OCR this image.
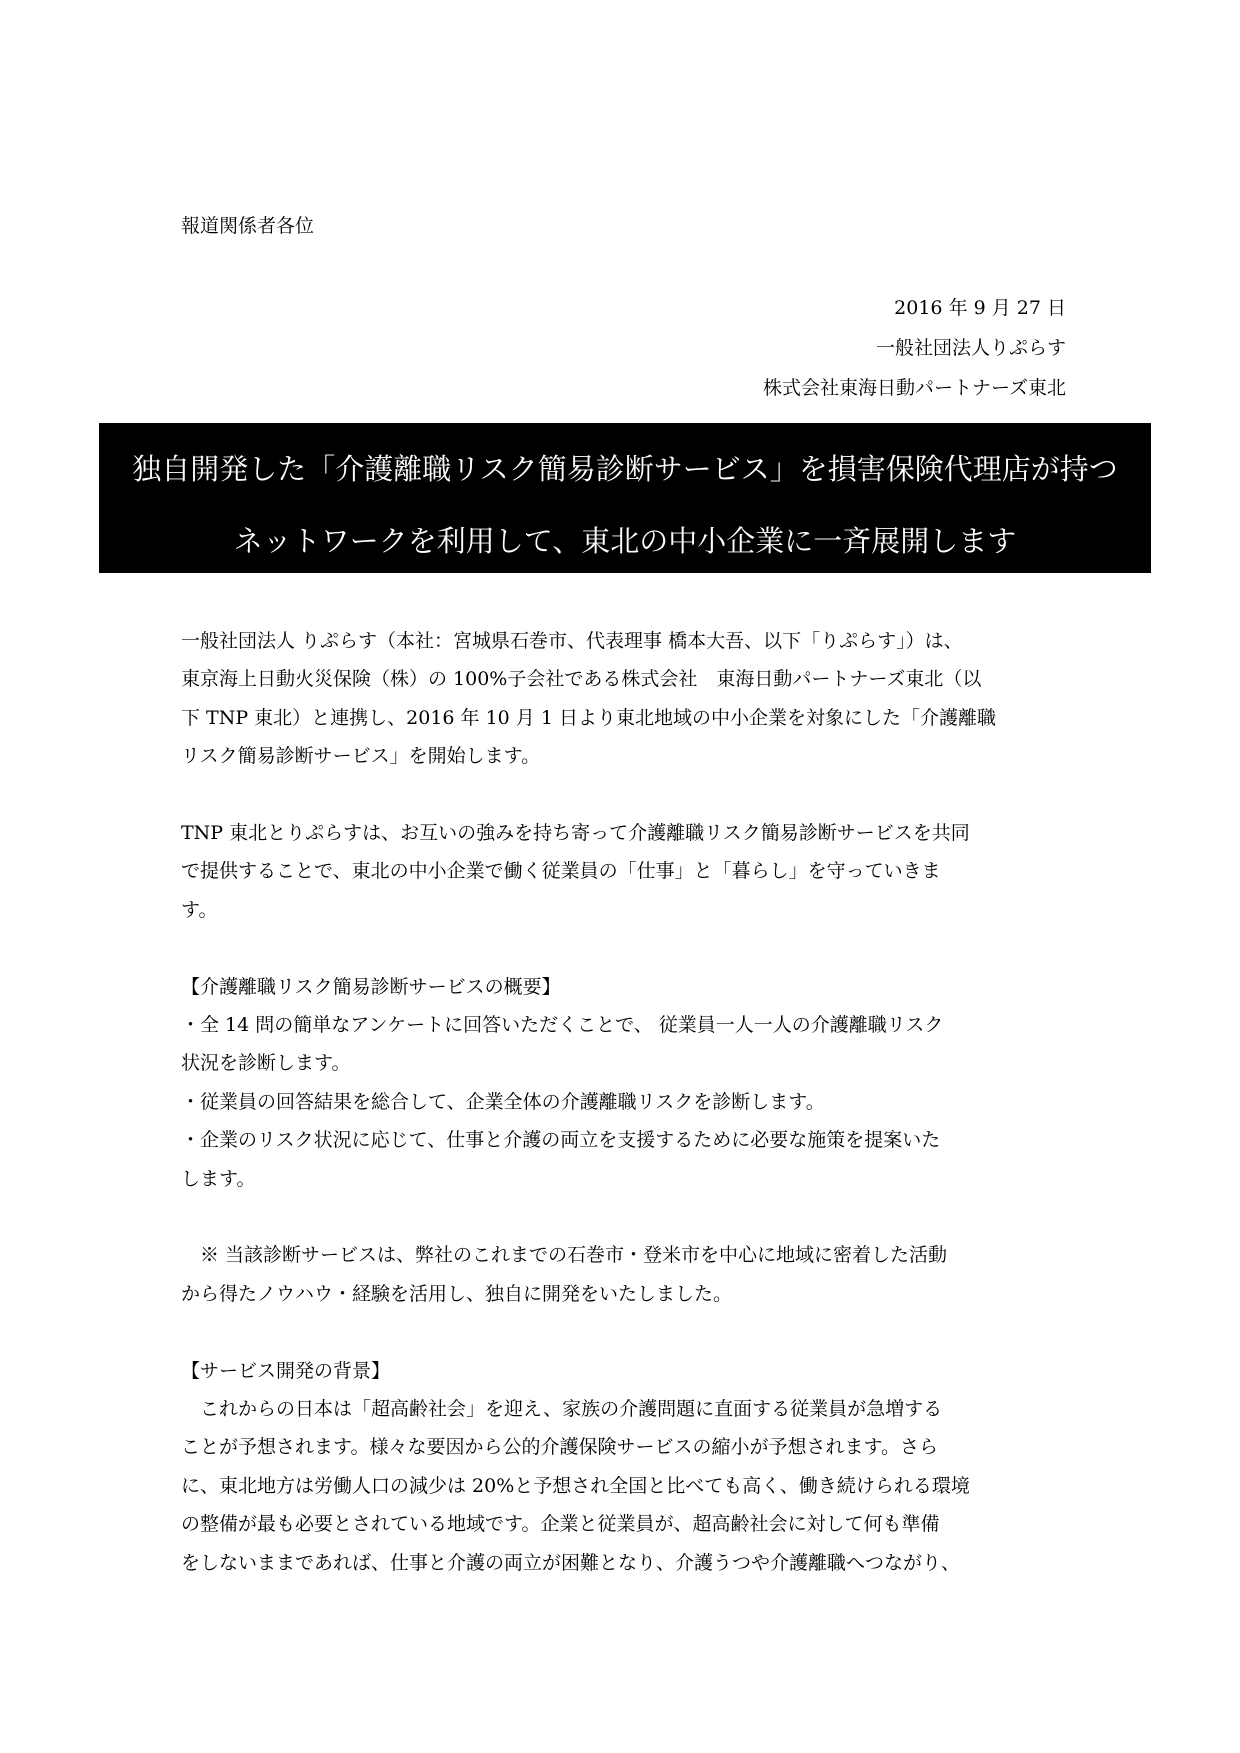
報道関係者各位
2016 年 9 月 27 日
一般社団法人りぷらす
株式会社東海日動パートナーズ東北
独自開発した「介護離職リスク簡易診断サービス」を損害保険代理店が持つ
ネットワークを利用して、東北の中小企業に一斉展開します
一般社団法人 りぷらす（本社：宮城県石巻市、代表理事 橋本大吾、以下「りぷらす」）は、
東京海上日動火災保険（株）の 100%子会社である株式会社　東海日動パートナーズ東北（以
下 TNP 東北）と連携し、2016 年 10 月 1 日より東北地域の中小企業を対象にした「介護離職
リスク簡易診断サービス」を開始します。
TNP 東北とりぷらすは、お互いの強みを持ち寄って介護離職リスク簡易診断サービスを共同
で提供することで、東北の中小企業で働く従業員の「仕事」と「暮らし」を守っていきま
す。
【介護離職リスク簡易診断サービスの概要】
・全 14 問の簡単なアンケートに回答いただくことで、 従業員一人一人の介護離職リスク
状況を診断します。
・従業員の回答結果を総合して、企業全体の介護離職リスクを診断します。
・企業のリスク状況に応じて、仕事と介護の両立を支援するために必要な施策を提案いた
します。
　※ 当該診断サービスは、弊社のこれまでの石巻市・登米市を中心に地域に密着した活動
から得たノウハウ・経験を活用し、独自に開発をいたしました。
【サービス開発の背景】
　これからの日本は「超高齢社会」を迎え、家族の介護問題に直面する従業員が急増する
ことが予想されます。様々な要因から公的介護保険サービスの縮小が予想されます。さら
に、東北地方は労働人口の減少は 20%と予想され全国と比べても高く、働き続けられる環境
の整備が最も必要とされている地域です。企業と従業員が、超高齢社会に対して何も準備
をしないままであれば、仕事と介護の両立が困難となり、介護うつや介護離職へつながり、
